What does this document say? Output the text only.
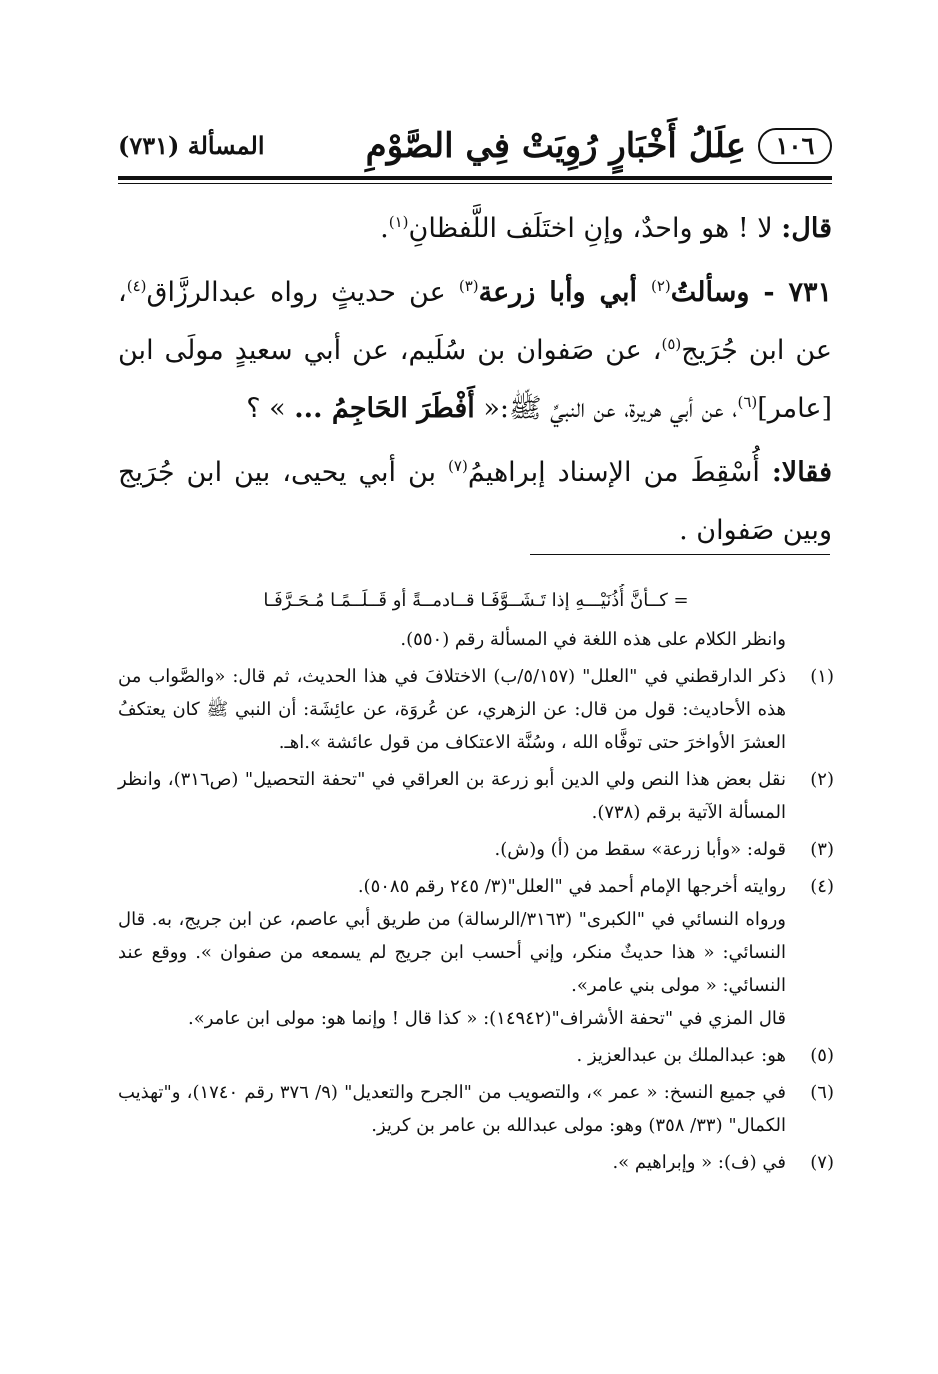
١٠٦
عِلَلُ أَخْبَارٍ رُوِيَتْ فِي الصَّوْمِ
المسألة (٧٣١)

قال: لا ! هو واحدٌ، وإنِ اختَلَف اللَّفظانِ$^{(١)}$.

٧٣١ - وسألتُ$^{(٢)}$ أبي وأبا زرعة$^{(٣)}$ عن حديثٍ رواه عبدالرزَّاق$^{(٤)}$، عن ابن جُرَيج$^{(٥)}$، عن صَفوان بن سُلَيم، عن أبي سعيدٍ مولَى ابن [عامر]$^{(٦)}$، عن أبي هريرة، عن النبيِّ ﷺ:« أَفْطَرَ الحَاجِمُ ... » ؟

فقالا: أُسْقِطَ من الإسناد إبراهيمُ$^{(٧)}$ بن أبي يحيى، بين ابن جُرَيج وبين صَفوان .

= كــأنَّ أُذُنَيْـــهِ إذا تَـشَــوَّفَـا قــادمــةً أو قَــلَــمًـا مُـحَـرَّفَـا
وانظر الكلام على هذه اللغة في المسألة رقم (٥٥٠).
(١)
ذكر الدارقطني في "العلل" (٥/١٥٧/ب) الاختلافَ في هذا الحديث، ثم قال: «والصَّواب من هذه الأحاديث: قول من قال: عن الزهري، عن عُروَة، عن عائِشَة: أن النبي ﷺ كان يعتكفُ العشرَ الأواخرَ حتى توفَّاه الله ، وسُنَّة الاعتكاف من قول عائشة ».اهـ.
(٢)
نقل بعض هذا النص ولي الدين أبو زرعة بن العراقي في "تحفة التحصيل" (ص٣١٦)، وانظر المسألة الآتية برقم (٧٣٨).
(٣)
قوله: «وأبا زرعة» سقط من (أ) و(ش).
(٤)
روايته أخرجها الإمام أحمد في "العلل"(٣/ ٢٤٥ رقم ٥٠٨٥).

ورواه النسائي في "الكبرى" (٣١٦٣/الرسالة) من طريق أبي عاصم، عن ابن جريج، به. قال النسائي: « هذا حديثٌ منكر، وإني أحسب ابن جريج لم يسمعه من صفوان ». ووقع عند النسائي: « مولى بني عامر».

قال المزي في "تحفة الأشراف"(١٤٩٤٢): « كذا قال ! وإنما هو: مولى ابن عامر».

(٥)
هو: عبدالملك بن عبدالعزيز .
(٦)
في جميع النسخ: « عمر »، والتصويب من "الجرح والتعديل" (٩/ ٣٧٦ رقم ١٧٤٠)، و"تهذيب الكمال" (٣٣/ ٣٥٨) وهو: مولى عبدالله بن عامر بن كريز.
(٧)
في (ف): « وإبراهيم ».
